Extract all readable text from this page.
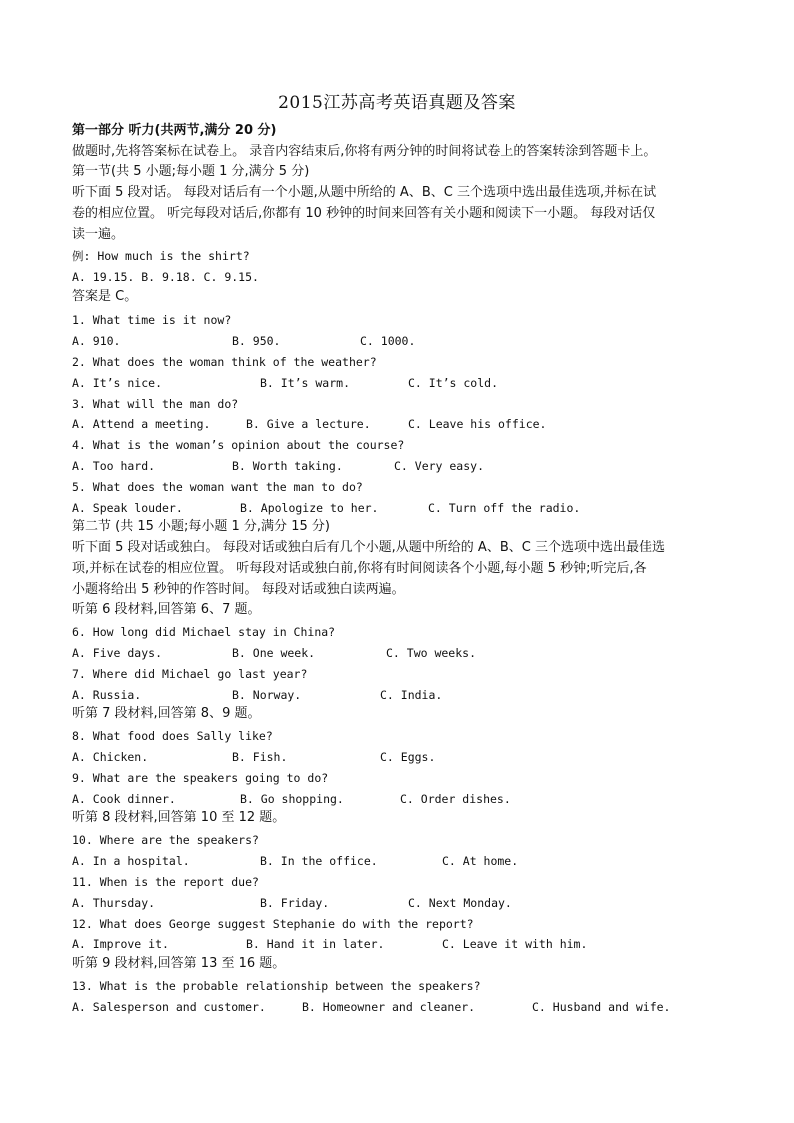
2015江苏高考英语真题及答案
第一部分 听力(共两节,满分 20 分)
做题时,先将答案标在试卷上。 录音内容结束后,你将有两分钟的时间将试卷上的答案转涂到答题卡上。
第一节(共 5 小题;每小题 1 分,满分 5 分)
听下面 5 段对话。 每段对话后有一个小题,从题中所给的 A、B、C 三个选项中选出最佳选项,并标在试
卷的相应位置。 听完每段对话后,你都有 10 秒钟的时间来回答有关小题和阅读下一小题。 每段对话仅
读一遍。
例: How much is the shirt?
A. 19.15. B. 9.18. C. 9.15.
答案是 C。
1. What time is it now?
A. 910.	B. 950.	C. 1000.
2. What does the woman think of the weather?
A. It’s nice.	B. It’s warm.	C. It’s cold.
3. What will the man do?
A. Attend a meeting.	B. Give a lecture.	C. Leave his office.
4. What is the woman’s opinion about the course?
A. Too hard.	B. Worth taking.	C. Very easy.
5. What does the woman want the man to do?
A. Speak louder.	B. Apologize to her.	C. Turn off the radio.
第二节 (共 15 小题;每小题 1 分,满分 15 分)
听下面 5 段对话或独白。 每段对话或独白后有几个小题,从题中所给的 A、B、C 三个选项中选出最佳选
项,并标在试卷的相应位置。 听每段对话或独白前,你将有时间阅读各个小题,每小题 5 秒钟;听完后,各
小题将给出 5 秒钟的作答时间。 每段对话或独白读两遍。
听第 6 段材料,回答第 6、7 题。
6. How long did Michael stay in China?
A. Five days.	B. One week.	C. Two weeks.
7. Where did Michael go last year?
A. Russia.	B. Norway.	C. India.
听第 7 段材料,回答第 8、9 题。
8. What food does Sally like?
A. Chicken.	B. Fish.	C. Eggs.
9. What are the speakers going to do?
A. Cook dinner.	B. Go shopping.	C. Order dishes.
听第 8 段材料,回答第 10 至 12 题。
10. Where are the speakers?
A. In a hospital.	B. In the office.	C. At home.
11. When is the report due?
A. Thursday.	B. Friday.	C. Next Monday.
12. What does George suggest Stephanie do with the report?
A. Improve it.	B. Hand it in later.	C. Leave it with him.
听第 9 段材料,回答第 13 至 16 题。
13. What is the probable relationship between the speakers?
A. Salesperson and customer.	B. Homeowner and cleaner.	C. Husband and wife.
